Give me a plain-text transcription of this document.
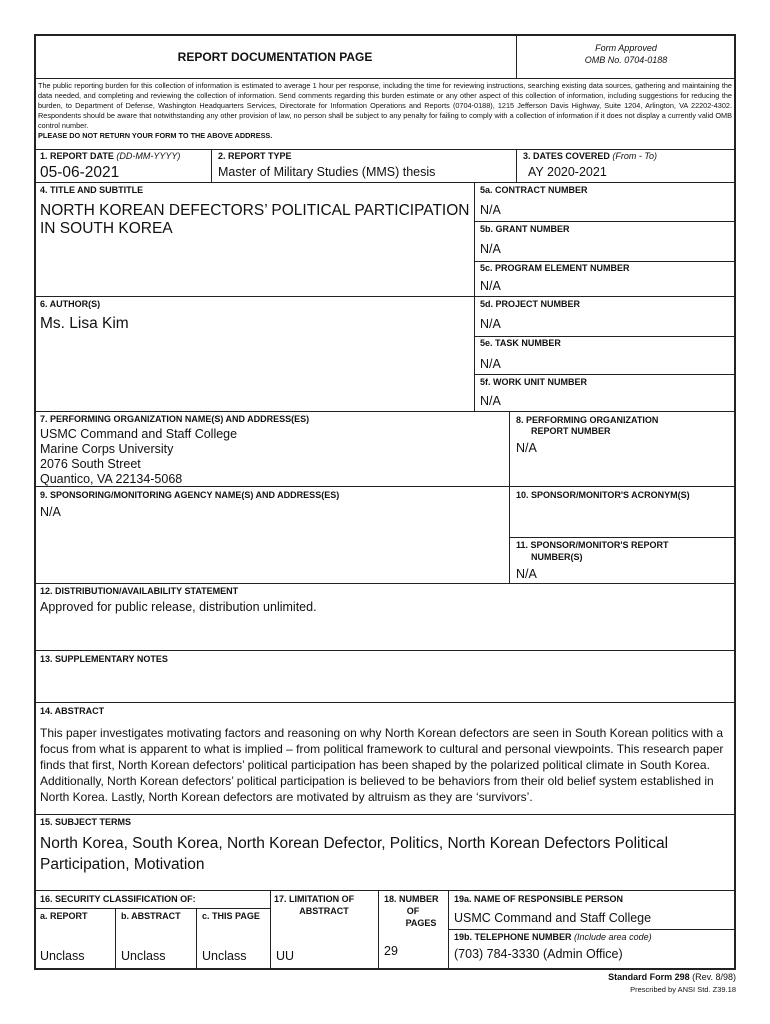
REPORT DOCUMENTATION PAGE
Form Approved
OMB No. 0704-0188
The public reporting burden for this collection of information is estimated to average 1 hour per response, including the time for reviewing instructions, searching existing data sources, gathering and maintaining the data needed, and completing and reviewing the collection of information. Send comments regarding this burden estimate or any other aspect of this collection of information, including suggestions for reducing the burden, to Department of Defense, Washington Headquarters Services, Directorate for Information Operations and Reports (0704-0188), 1215 Jefferson Davis Highway, Suite 1204, Arlington, VA 22202-4302. Respondents should be aware that notwithstanding any other provision of law, no person shall be subject to any penalty for failing to comply with a collection of information if it does not display a currently valid OMB control number.
PLEASE DO NOT RETURN YOUR FORM TO THE ABOVE ADDRESS.
1. REPORT DATE (DD-MM-YYYY)
05-06-2021
2. REPORT TYPE
Master of Military Studies (MMS) thesis
3. DATES COVERED (From - To)
AY 2020-2021
4. TITLE AND SUBTITLE
NORTH KOREAN DEFECTORS’ POLITICAL PARTICIPATION
IN SOUTH KOREA
5a. CONTRACT NUMBER
N/A
5b. GRANT NUMBER
N/A
5c. PROGRAM ELEMENT NUMBER
N/A
6. AUTHOR(S)
Ms. Lisa Kim
5d. PROJECT NUMBER
N/A
5e. TASK NUMBER
N/A
5f. WORK UNIT NUMBER
N/A
7. PERFORMING ORGANIZATION NAME(S) AND ADDRESS(ES)
USMC Command and Staff College
Marine Corps University
2076 South Street
Quantico, VA 22134-5068
8. PERFORMING ORGANIZATION
REPORT NUMBER
N/A
9. SPONSORING/MONITORING AGENCY NAME(S) AND ADDRESS(ES)
N/A
10. SPONSOR/MONITOR'S ACRONYM(S)
11. SPONSOR/MONITOR'S REPORT
NUMBER(S)
N/A
12. DISTRIBUTION/AVAILABILITY STATEMENT
Approved for public release, distribution unlimited.
13. SUPPLEMENTARY NOTES
14. ABSTRACT
This paper investigates motivating factors and reasoning on why North Korean defectors are seen in South Korean politics with a focus from what is apparent to what is implied – from political framework to cultural and personal viewpoints. This research paper finds that first, North Korean defectors’ political participation has been shaped by the polarized political climate in South Korea. Additionally, North Korean defectors’ political participation is believed to be behaviors from their old belief system established in North Korea. Lastly, North Korean defectors are motivated by altruism as they are ‘survivors’.
15. SUBJECT TERMS
North Korea, South Korea, North Korean Defector, Politics, North Korean Defectors Political Participation, Motivation
16. SECURITY CLASSIFICATION OF:
a. REPORT	b. ABSTRACT c. THIS PAGE
Unclass	Unclass	Unclass
17. LIMITATION OF
ABSTRACT
UU
18. NUMBER
OF
PAGES
29
19a. NAME OF RESPONSIBLE PERSON
USMC Command and Staff College
19b. TELEPHONE NUMBER (Include area code)
(703) 784-3330 (Admin Office)
Standard Form 298 (Rev. 8/98)
Prescribed by ANSI Std. Z39.18
